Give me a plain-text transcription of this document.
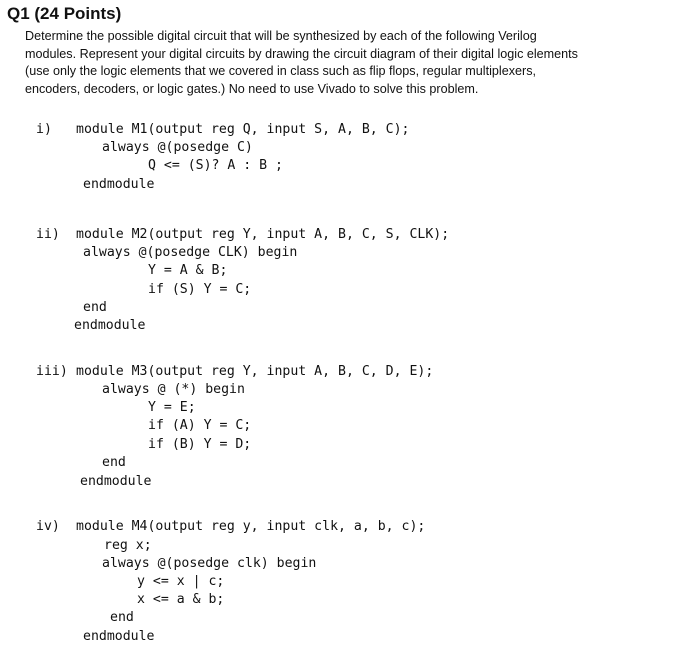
Q1 (24 Points)
Determine the possible digital circuit that will be synthesized by each of the following Verilog
modules. Represent your digital circuits by drawing the circuit diagram of their digital logic elements
(use only the logic elements that we covered in class such as flip flops, regular multiplexers,
encoders, decoders, or logic gates.) No need to use Vivado to solve this problem.
i) module M1(output reg Q, input S, A, B, C);
always @(posedge C)
Q <= (S)? A : B ;
endmodule
ii) module M2(output reg Y, input A, B, C, S, CLK);
always @(posedge CLK) begin
Y = A & B;
if (S) Y = C;
end
endmodule
iii) module M3(output reg Y, input A, B, C, D, E);
always @ (*) begin
Y = E;
if (A) Y = C;
if (B) Y = D;
end
endmodule
iv) module M4(output reg y, input clk, a, b, c);
reg x;
always @(posedge clk) begin
y <= x | c;
x <= a & b;
end
endmodule
